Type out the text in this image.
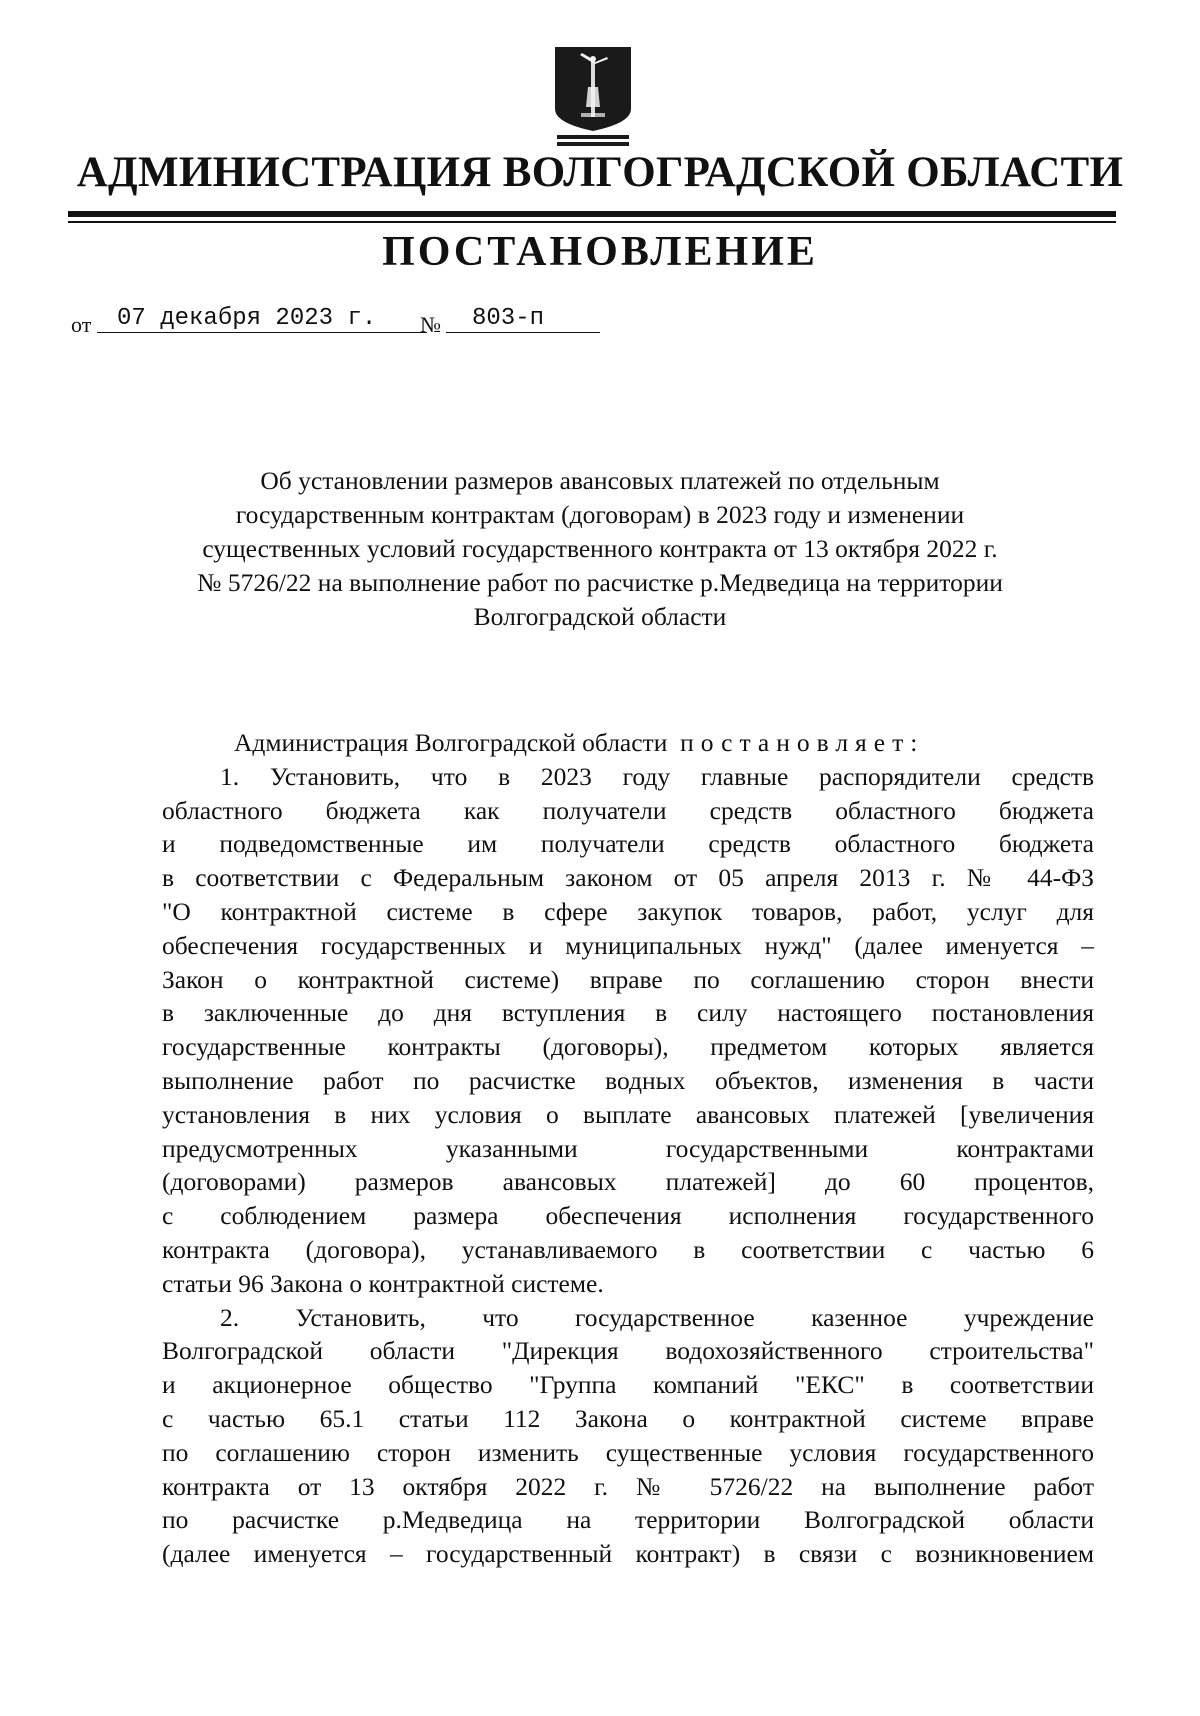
АДМИНИСТРАЦИЯ ВОЛГОГРАДСКОЙ ОБЛАСТИ
ПОСТАНОВЛЕНИЕ
от	07 декабря 2023 г.	№	803-п
Об установлении размеров авансовых платежей по отдельным
государственным контрактам (договорам) в 2023 году и изменении
существенных условий государственного контракта от 13 октября 2022 г.
№ 5726/22 на выполнение работ по расчистке р.Медведица на территории
Волгоградской области
Администрация Волгоградской области постановляет:
1. Установить, что в 2023 году главные распорядители средств
областного бюджета как получатели средств областного бюджета
и подведомственные им получатели средств областного бюджета
в соответствии с Федеральным законом от 05 апреля 2013 г. № 44-ФЗ
"О контрактной системе в сфере закупок товаров, работ, услуг для
обеспечения государственных и муниципальных нужд" (далее именуется –
Закон о контрактной системе) вправе по соглашению сторон внести
в заключенные до дня вступления в силу настоящего постановления
государственные контракты (договоры), предметом которых является
выполнение работ по расчистке водных объектов, изменения в части
установления в них условия о выплате авансовых платежей [увеличения
предусмотренных указанными государственными контрактами
(договорами) размеров авансовых платежей] до 60 процентов,
с соблюдением размера обеспечения исполнения государственного
контракта (договора), устанавливаемого в соответствии с частью 6
статьи 96 Закона о контрактной системе.
2. Установить, что государственное казенное учреждение
Волгоградской области "Дирекция водохозяйственного строительства"
и акционерное общество "Группа компаний "ЕКС" в соответствии
с частью 65.1 статьи 112 Закона о контрактной системе вправе
по соглашению сторон изменить существенные условия государственного
контракта от 13 октября 2022 г. № 5726/22 на выполнение работ
по расчистке р.Медведица на территории Волгоградской области
(далее именуется – государственный контракт) в связи с возникновением
